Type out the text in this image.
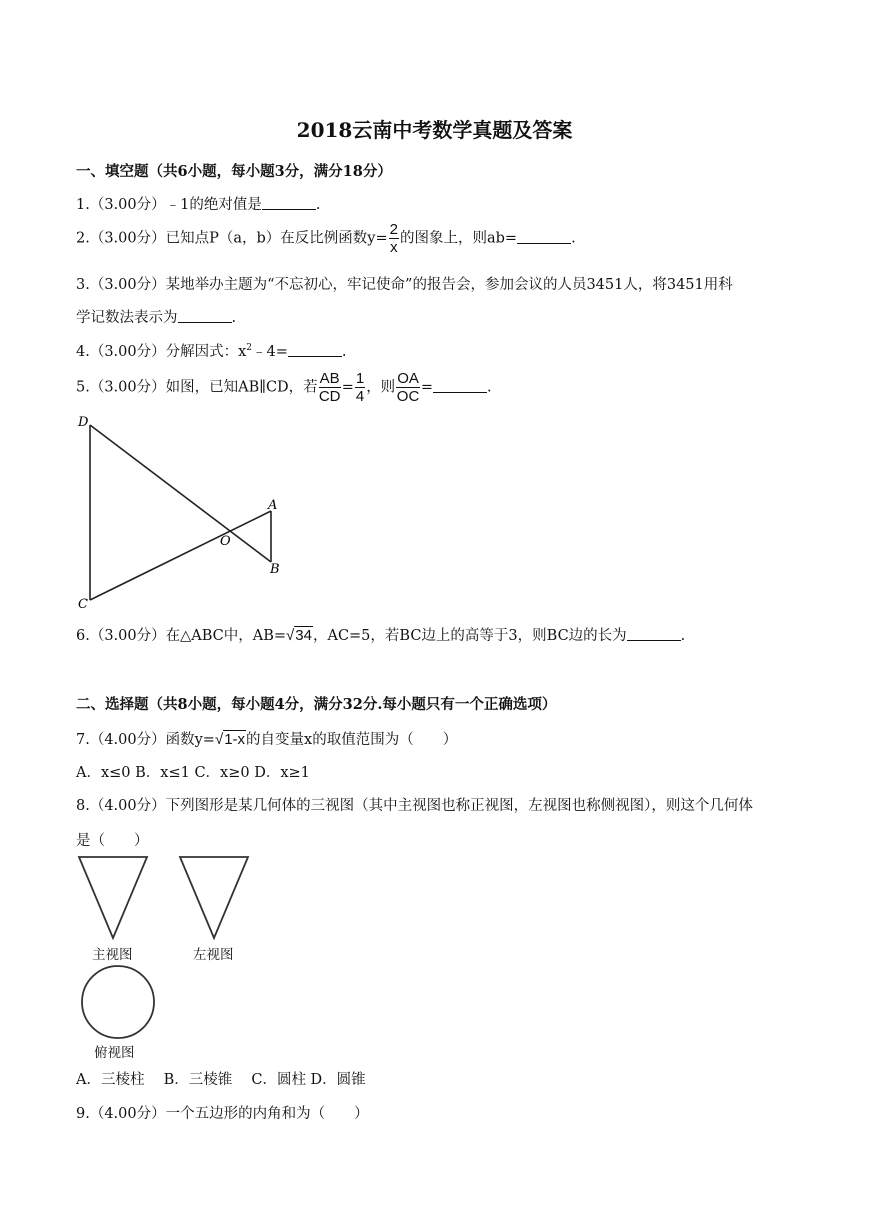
2018云南中考数学真题及答案
一、填空题（共6小题，每小题3分，满分18分）
1.（3.00分）﹣1的绝对值是	.
2.（3.00分）已知点P（a，b）在反比例函数$y= \frac{2}{x}$ 的图象上，则ab=	.
3.（3.00分）某地举办主题为“不忘初心，牢记使命”的报告会，参加会议的人员3451人，将3451用科
学记数法表示为	.
4.（3.00分）分解因式：$x^2﹣4=$	.
5.（3.00分）如图，已知AB∥CD，若 $\frac{AB}{CD} = \frac{1}{4}$ ，则 $\frac{OA}{OC}$ =	.
D
A
O
B
C
6.（3.00分）在△ABC中，AB=√34，AC=5，若BC边上的高等于3，则BC边的长为	.
二、选择题（共8小题，每小题4分，满分32分.每小题只有一个正确选项）
7.（4.00分）函数y=√1-x的自变量x的取值范围为（　　）
A．x≤0 B．x≤1 C．x≥0 D．x≥1
8.（4.00分）下列图形是某几何体的三视图（其中主视图也称正视图，左视图也称侧视图），则这个几何体
是（　　）
主视图	左视图
俯视图
A．三棱柱　 B．三棱锥　 C．圆柱 D．圆锥
9.（4.00分）一个五边形的内角和为（　　）
